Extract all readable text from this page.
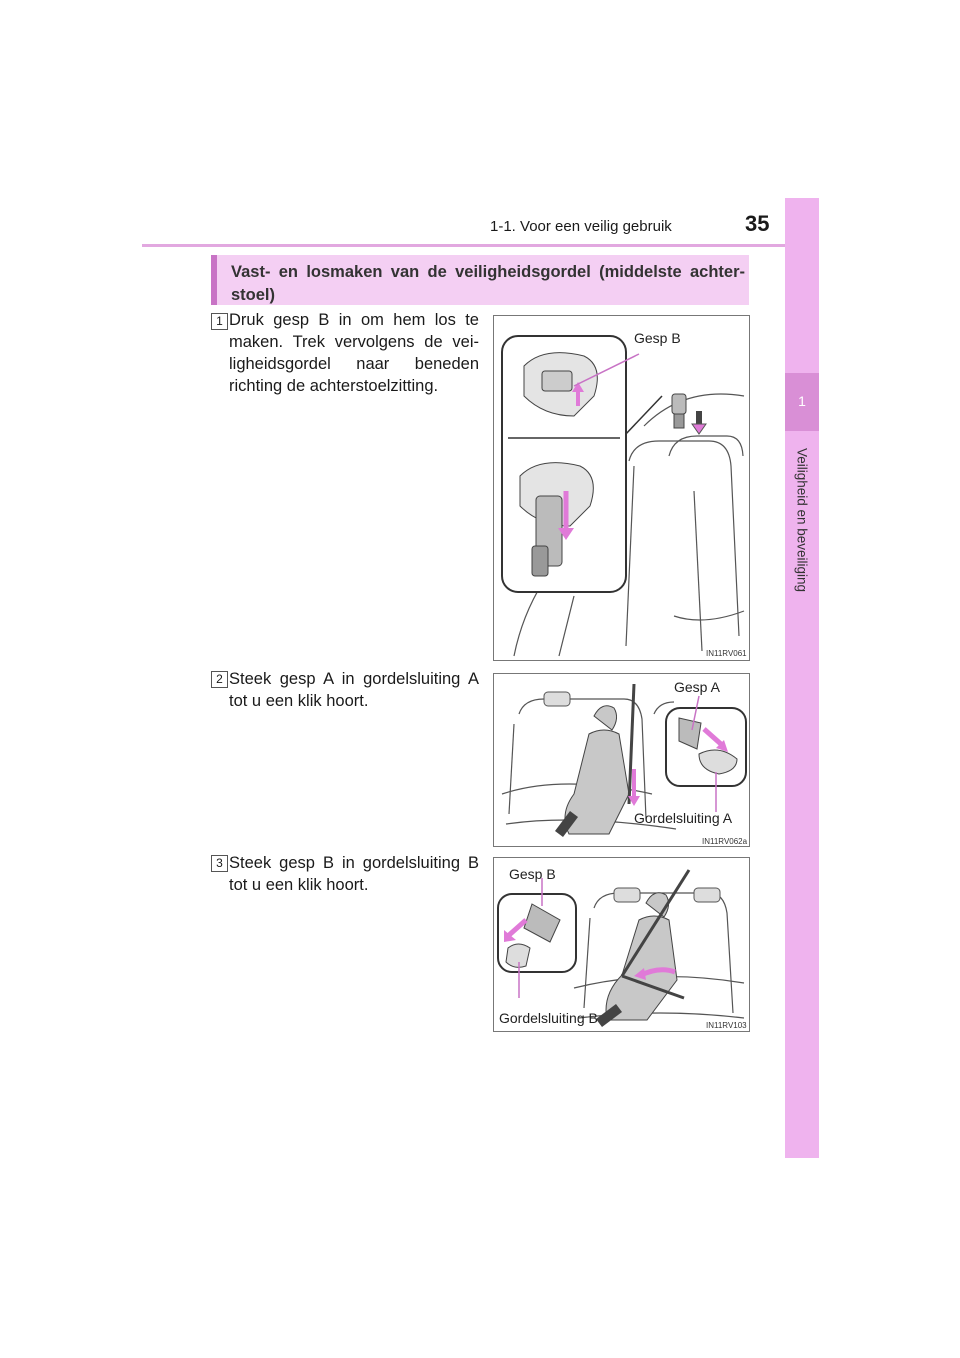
1-1. Voor een veilig gebruik	35
1
Veiligheid en beveiliging
Vast- en losmaken van de veiligheidsgordel (middelste achter-stoel)
1 Druk gesp B in om hem los te maken. Trek vervolgens de vei-ligheidsgordel naar beneden richting de achterstoelzitting.
Gesp B
IN11RV061
2 Steek gesp A in gordelsluiting A tot u een klik hoort.
Gesp A
Gordelsluiting A
IN11RV062a
3 Steek gesp B in gordelsluiting B tot u een klik hoort.
Gesp B
Gordelsluiting B	IN11RV103
